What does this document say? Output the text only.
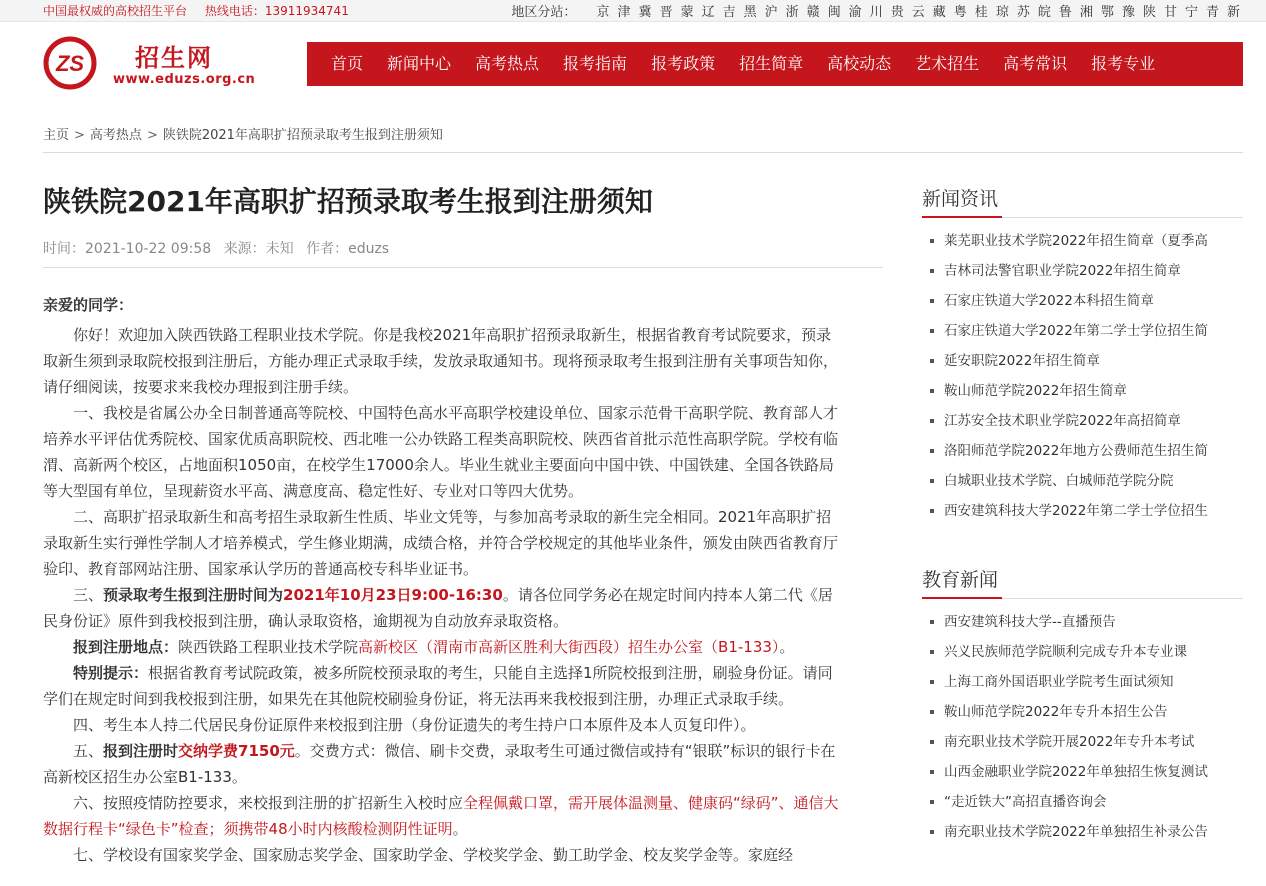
中国最权威的高校招生平台 热线电话：13911934741	地区分站： 京 津 冀 晋 蒙 辽 吉 黑 沪 浙 赣 闽 渝 川 贵 云 藏 粤 桂 琼 苏 皖 鲁 湘 鄂 豫 陕 甘 宁 青 新
ZS 招生网
www.eduzs.org.cn
首页 新闻中心 高考热点 报考指南 报考政策 招生简章 高校动态 艺术招生 高考常识 报考专业
主页 > 高考热点 > 陕铁院2021年高职扩招预录取考生报到注册须知
陕铁院2021年高职扩招预录取考生报到注册须知
时间：2021-10-22 09:58 来源：未知 作者：eduzs

亲爱的同学：

你好！欢迎加入陕西铁路工程职业技术学院。你是我校2021年高职扩招预录取新生，根据省教育考试院要求，预录取新生须到录取院校报到注册后，方能办理正式录取手续，发放录取通知书。现将预录取考生报到注册有关事项告知你，请仔细阅读，按要求来我校办理报到注册手续。

一、我校是省属公办全日制普通高等院校、中国特色高水平高职学校建设单位、国家示范骨干高职学院、教育部人才培养水平评估优秀院校、国家优质高职院校、西北唯一公办铁路工程类高职院校、陕西省首批示范性高职学院。学校有临渭、高新两个校区，占地面积1050亩，在校学生17000余人。毕业生就业主要面向中国中铁、中国铁建、全国各铁路局等大型国有单位，呈现薪资水平高、满意度高、稳定性好、专业对口等四大优势。

二、高职扩招录取新生和高考招生录取新生性质、毕业文凭等，与参加高考录取的新生完全相同。2021年高职扩招录取新生实行弹性学制人才培养模式，学生修业期满，成绩合格，并符合学校规定的其他毕业条件，颁发由陕西省教育厅验印、教育部网站注册、国家承认学历的普通高校专科毕业证书。

三、预录取考生报到注册时间为2021年10月23日9:00-16:30。请各位同学务必在规定时间内持本人第二代《居民身份证》原件到我校报到注册，确认录取资格，逾期视为自动放弃录取资格。

报到注册地点：陕西铁路工程职业技术学院高新校区（渭南市高新区胜利大街西段）招生办公室（B1-133）。

特别提示：根据省教育考试院政策，被多所院校预录取的考生，只能自主选择1所院校报到注册，刷验身份证。请同学们在规定时间到我校报到注册，如果先在其他院校刷验身份证，将无法再来我校报到注册，办理正式录取手续。

四、考生本人持二代居民身份证原件来校报到注册（身份证遗失的考生持户口本原件及本人页复印件）。

五、报到注册时交纳学费7150元。交费方式：微信、刷卡交费，录取考生可通过微信或持有“银联”标识的银行卡在高新校区招生办公室B1-133。

六、按照疫情防控要求，来校报到注册的扩招新生入校时应全程佩戴口罩，需开展体温测量、健康码“绿码”、通信大数据行程卡“绿色卡”检查；须携带48小时内核酸检测阴性证明。

七、学校设有国家奖学金、国家励志奖学金、国家助学金、学校奖学金、勤工助学金、校友奖学金等。家庭经

新闻资讯
莱芜职业技术学院2022年招生简章（夏季高
吉林司法警官职业学院2022年招生简章
石家庄铁道大学2022本科招生简章
石家庄铁道大学2022年第二学士学位招生简
延安职院2022年招生简章
鞍山师范学院2022年招生简章
江苏安全技术职业学院2022年高招简章
洛阳师范学院2022年地方公费师范生招生简
白城职业技术学院、白城师范学院分院
西安建筑科技大学2022年第二学士学位招生
教育新闻
西安建筑科技大学--直播预告
兴义民族师范学院顺利完成专升本专业课
上海工商外国语职业学院考生面试须知
鞍山师范学院2022年专升本招生公告
南充职业技术学院开展2022年专升本考试
山西金融职业学院2022年单独招生恢复测试
“走近铁大”高招直播咨询会
南充职业技术学院2022年单独招生补录公告
